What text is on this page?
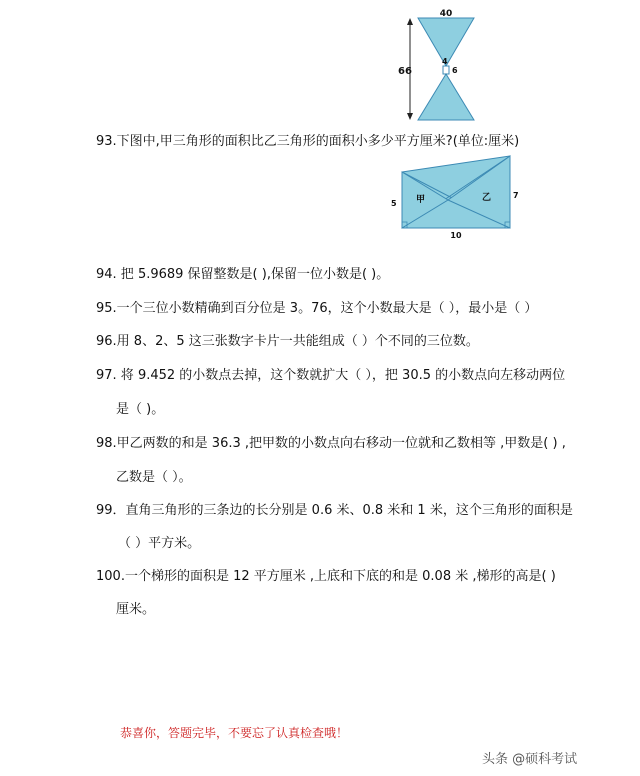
40
66
4
6
93.下图中,甲三角形的面积比乙三角形的面积小多少平方厘米?(单位:厘米)
甲	乙
5
7
10
94. 把 5.9689 保留整数是( ),保留一位小数是( )。
95.一个三位小数精确到百分位是 3。76，这个小数最大是（ ），最小是（ ）
96.用 8、2、5 这三张数字卡片一共能组成（ ）个不同的三位数。
97. 将 9.452 的小数点去掉，这个数就扩大（ ），把 30.5 的小数点向左移动两位
是（ )。
98.甲乙两数的和是 36.3 ,把甲数的小数点向右移动一位就和乙数相等 ,甲数是( ) ,
乙数是（ ）。
99．直角三角形的三条边的长分别是 0.6 米、0.8 米和 1 米，这个三角形的面积是
（ ）平方米。
100.一个梯形的面积是 12 平方厘米 ,上底和下底的和是 0.08 米 ,梯形的高是( )
厘米。
恭喜你，答题完毕，不要忘了认真检查哦！
头条 @硕科考试
